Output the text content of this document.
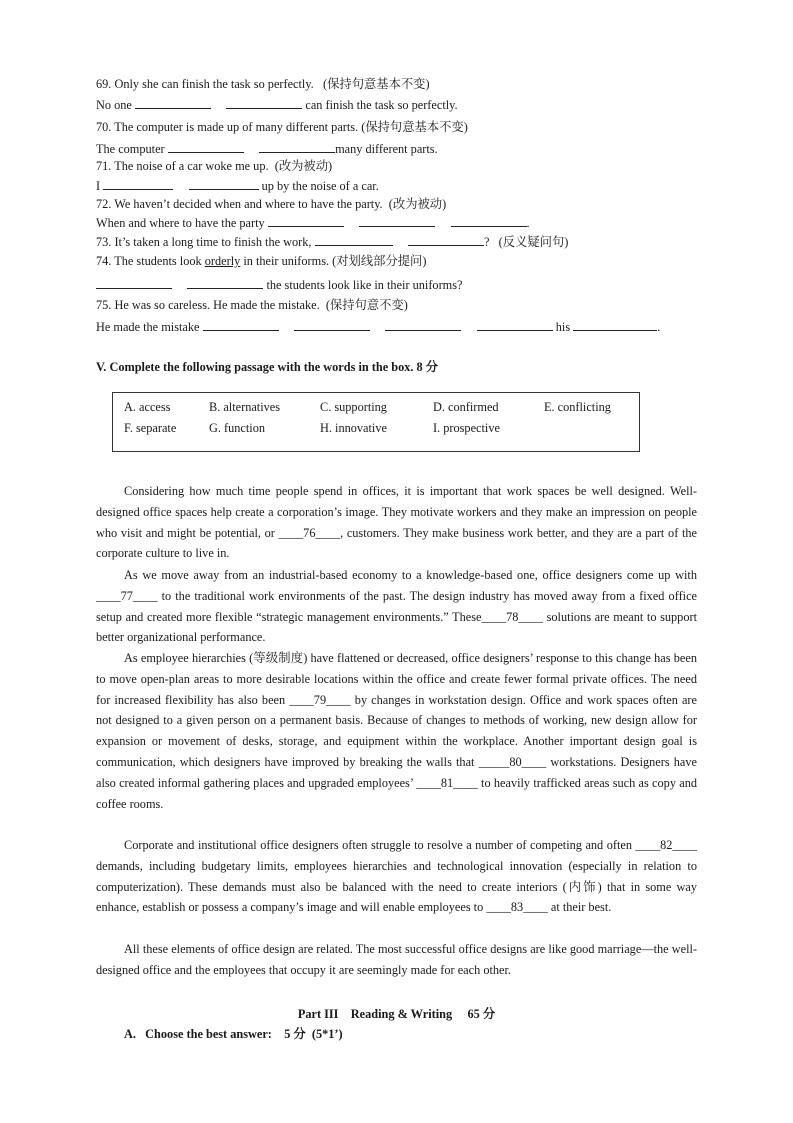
69. Only she can finish the task so perfectly. (保持句意基本不变)
No one	can finish the task so perfectly.
70. The computer is made up of many different parts. (保持句意基本不变)
The computer	many different parts.
71. The noise of a car woke me up. (改为被动)
I	up by the noise of a car.
72. We haven’t decided when and where to have the party. (改为被动)
When and where to have the party	.
73. It’s taken a long time to finish the work,	? (反义疑问句)
74. The students look orderly in their uniforms. (对划线部分提问)
the students look like in their uniforms?
75. He was so careless. He made the mistake. (保持句意不变)
He made the mistake	his	.
V. Complete the following passage with the words in the box. 8 分
A. access	B. alternatives	C. supporting	D. confirmed	E. conflicting
F. separate	G. function	H. innovative	I. prospective

Considering how much time people spend in offices, it is important that work spaces be well designed. Well-designed office spaces help create a corporation’s image. They motivate workers and they make an impression on people who visit and might be potential, or ____76____, customers. They make business work better, and they are a part of the corporate culture to live in.

As we move away from an industrial-based economy to a knowledge-based one, office designers come up with ____77____ to the traditional work environments of the past. The design industry has moved away from a fixed office setup and created more flexible “strategic management environments.” These____78____ solutions are meant to support better organizational performance.

As employee hierarchies (等级制度) have flattened or decreased, office designers’ response to this change has been to move open-plan areas to more desirable locations within the office and create fewer formal private offices. The need for increased flexibility has also been ____79____ by changes in workstation design. Office and work spaces often are not designed to a given person on a permanent basis. Because of changes to methods of working, new design allow for expansion or movement of desks, storage, and equipment within the workplace. Another important design goal is communication, which designers have improved by breaking the walls that _____80____ workstations. Designers have also created informal gathering places and upgraded employees’ ____81____ to heavily trafficked areas such as copy and coffee rooms.

Corporate and institutional office designers often struggle to resolve a number of competing and often ____82____ demands, including budgetary limits, employees hierarchies and technological innovation (especially in relation to computerization). These demands must also be balanced with the need to create interiors (内饰) that in some way enhance, establish or possess a company’s image and will enable employees to ____83____ at their best.

All these elements of office design are related. The most successful office designs are like good marriage—the well-designed office and the employees that occupy it are seemingly made for each other.

Part III    Reading & Writing     65 分
A.   Choose the best answer:    5 分  (5*1’)
